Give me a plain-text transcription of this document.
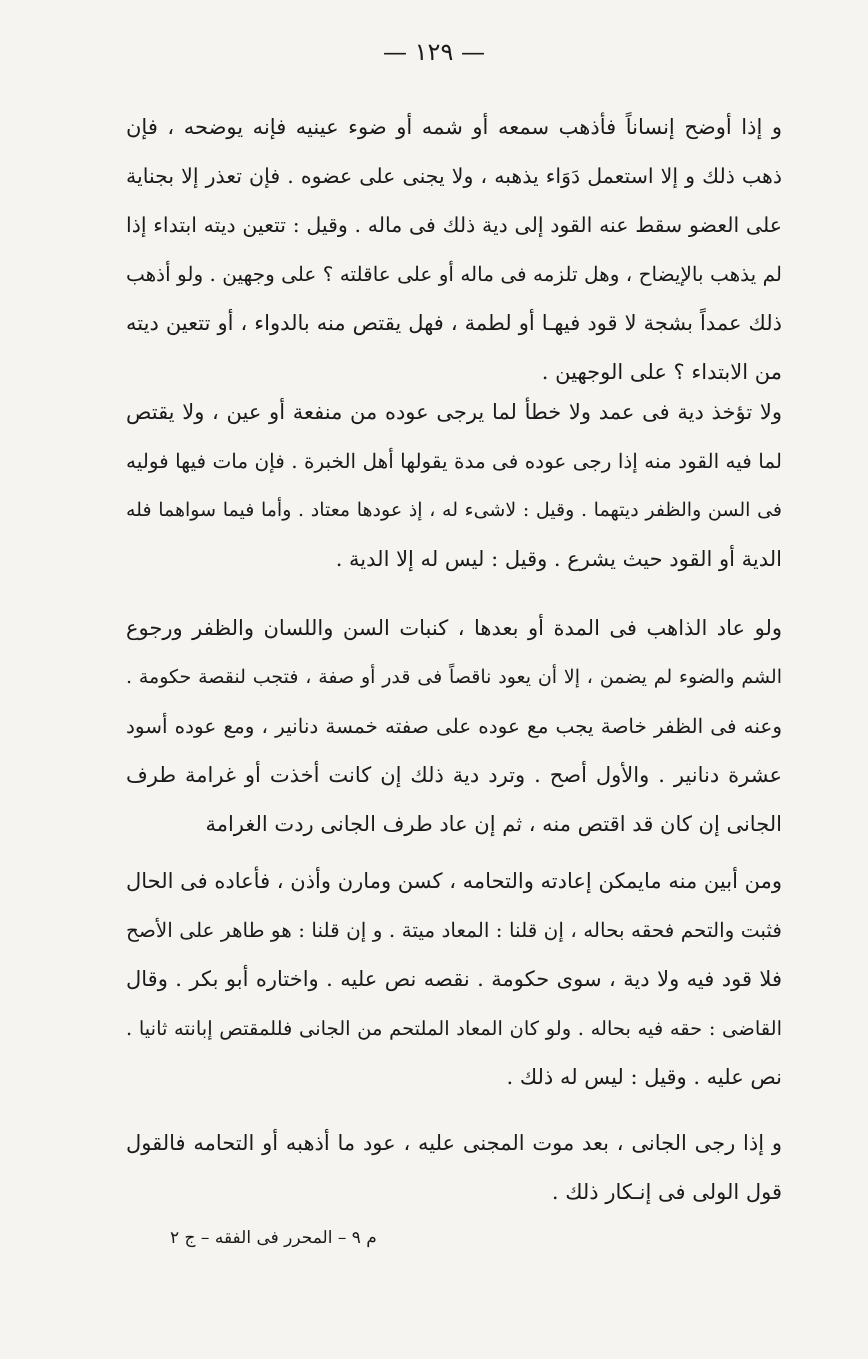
— ١٢٩ —
و إذا أوضح إنساناً فأذهب سمعه أو شمه أو ضوء عينيه فإنه يوضحه ، فإن
ذهب ذلك و إلا استعمل دَوَاء يذهبه ، ولا يجنى على عضوه . فإن تعذر إلا بجناية
على العضو سقط عنه القود إلى دية ذلك فى ماله . وقيل : تتعين ديته ابتداء إذا
لم يذهب بالإيضاح ، وهل تلزمه فى ماله أو على عاقلته ؟ على وجهين . ولو أذهب
ذلك عمداً بشجة لا قود فيهـا أو لطمة ، فهل يقتص منه بالدواء ، أو تتعين ديته
من الابتداء ؟ على الوجهين .
ولا تؤخذ دية فى عمد ولا خطأ لما يرجى عوده من منفعة أو عين ، ولا يقتص
لما فيه القود منه إذا رجى عوده فى مدة يقولها أهل الخبرة . فإن مات فيها فوليه
فى السن والظفر ديتهما . وقيل : لاشىء له ، إذ عودها معتاد . وأما فيما سواهما فله
الدية أو القود حيث يشرع . وقيل : ليس له إلا الدية .
ولو عاد الذاهب فى المدة أو بعدها ، كنبات السن واللسان والظفر ورجوع
الشم والضوء لم يضمن ، إلا أن يعود ناقصاً فى قدر أو صفة ، فتجب لنقصة حكومة .
وعنه فى الظفر خاصة يجب مع عوده على صفته خمسة دنانير ، ومع عوده أسود
عشرة دنانير . والأول أصح . وترد دية ذلك إن كانت أخذت أو غرامة طرف
الجانى إن كان قد اقتص منه ، ثم إن عاد طرف الجانى ردت الغرامة
ومن أبين منه مايمكن إعادته والتحامه ، كسن ومارن وأذن ، فأعاده فى الحال
فثبت والتحم فحقه بحاله ، إن قلنا : المعاد ميتة . و إن قلنا : هو طاهر على الأصح
فلا قود فيه ولا دية ، سوى حكومة . نقصه نص عليه . واختاره أبو بكر . وقال
القاضى : حقه فيه بحاله . ولو كان المعاد الملتحم من الجانى فللمقتص إبانته ثانيا .
نص عليه . وقيل : ليس له ذلك .
و إذا رجى الجانى ، بعد موت المجنى عليه ، عود ما أذهبه أو التحامه فالقول
قول الولى فى إنـكار ذلك .
م ٩ – المحرر فى الفقه – ج ٢
